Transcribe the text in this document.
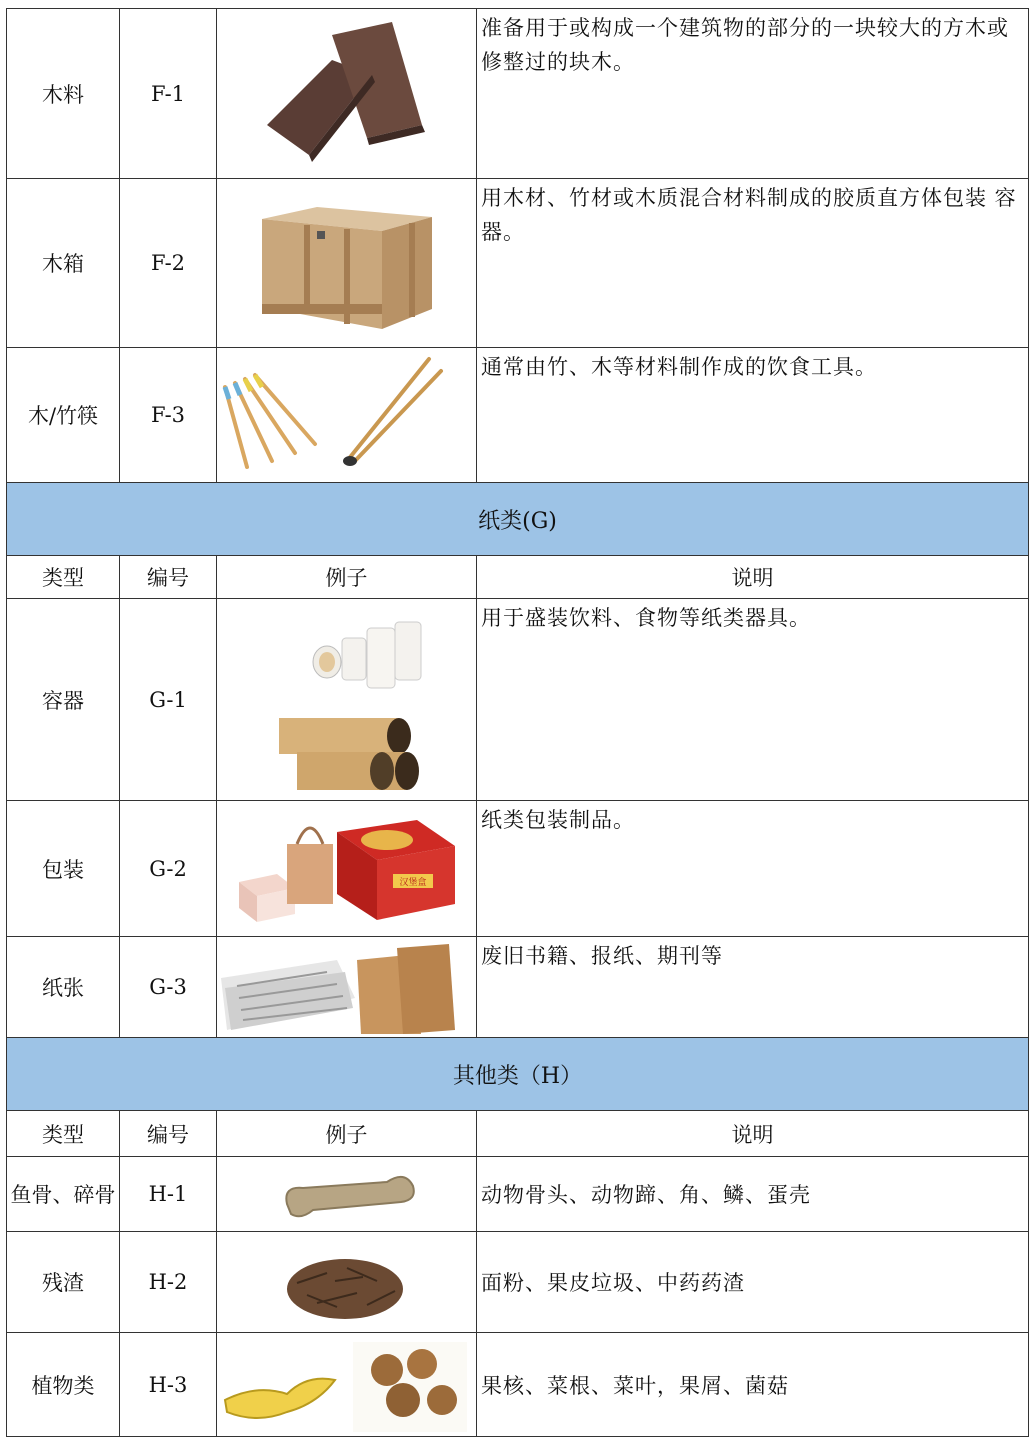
木料	F-1		准备用于或构成一个建筑物的部分的一块较大的方木或修整过的块木。
木箱	F-2		用木材、竹材或木质混合材料制成的胶质直方体包装 容器。
木/竹筷	F-3		通常由竹、木等材料制作成的饮食工具。
纸类(G)			
类型	编号	例子	说明
容器	G-1		用于盛装饮料、食物等纸类器具。
包装	G-2	汉堡盒	纸类包装制品。
纸张	G-3		废旧书籍、报纸、期刊等
其他类（H）			
类型	编号	例子	说明
鱼骨、碎骨	H-1		动物骨头、动物蹄、角、鳞、蛋壳
残渣	H-2		面粉、果皮垃圾、中药药渣
植物类	H-3		果核、菜根、菜叶，果屑、菌菇
